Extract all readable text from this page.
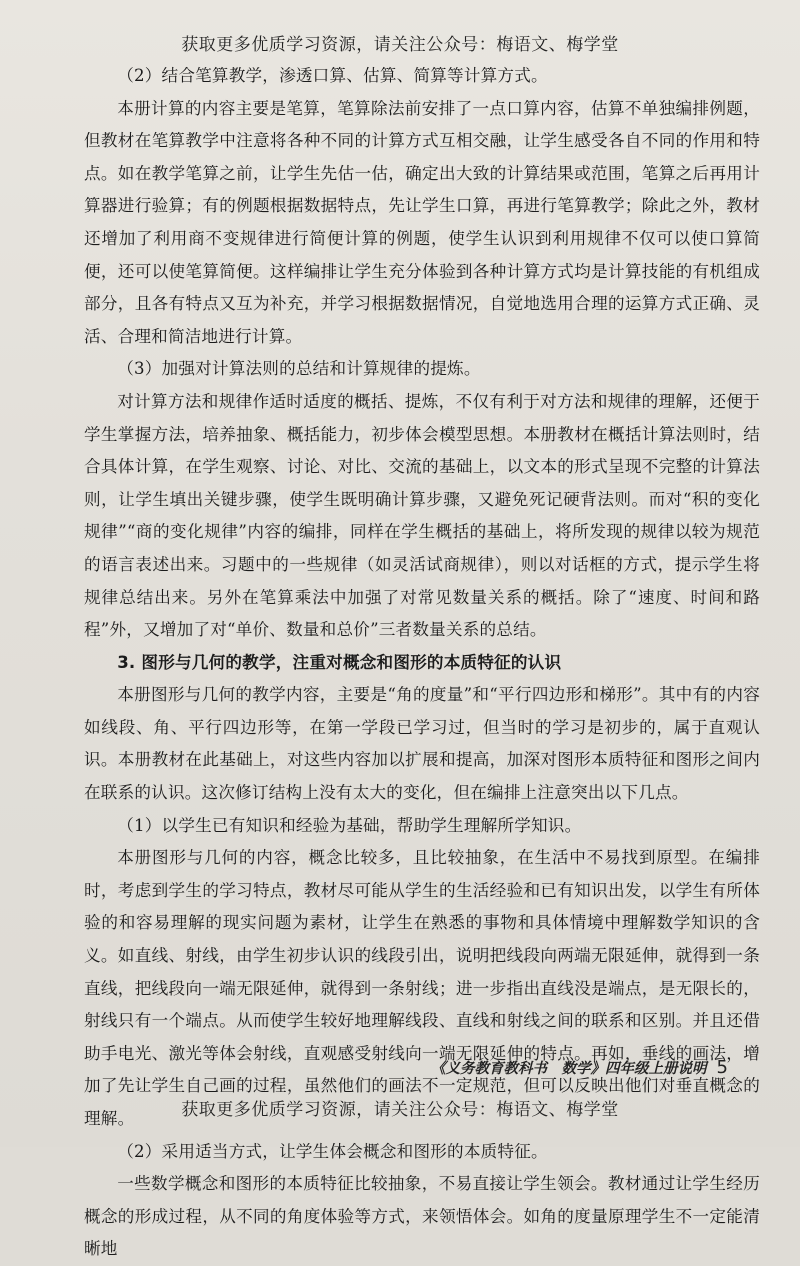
获取更多优质学习资源，请关注公众号：梅语文、梅学堂

（2）结合笔算教学，渗透口算、估算、简算等计算方式。

本册计算的内容主要是笔算，笔算除法前安排了一点口算内容，估算不单独编排例题，但教材在笔算教学中注意将各种不同的计算方式互相交融，让学生感受各自不同的作用和特点。如在教学笔算之前，让学生先估一估，确定出大致的计算结果或范围，笔算之后再用计算器进行验算；有的例题根据数据特点，先让学生口算，再进行笔算教学；除此之外，教材还增加了利用商不变规律进行简便计算的例题，使学生认识到利用规律不仅可以使口算简便，还可以使笔算简便。这样编排让学生充分体验到各种计算方式均是计算技能的有机组成部分，且各有特点又互为补充，并学习根据数据情况，自觉地选用合理的运算方式正确、灵活、合理和简洁地进行计算。

（3）加强对计算法则的总结和计算规律的提炼。

对计算方法和规律作适时适度的概括、提炼，不仅有利于对方法和规律的理解，还便于学生掌握方法，培养抽象、概括能力，初步体会模型思想。本册教材在概括计算法则时，结合具体计算，在学生观察、讨论、对比、交流的基础上，以文本的形式呈现不完整的计算法则，让学生填出关键步骤，使学生既明确计算步骤，又避免死记硬背法则。而对“积的变化规律”“商的变化规律”内容的编排，同样在学生概括的基础上，将所发现的规律以较为规范的语言表述出来。习题中的一些规律（如灵活试商规律），则以对话框的方式，提示学生将规律总结出来。另外在笔算乘法中加强了对常见数量关系的概括。除了“速度、时间和路程”外，又增加了对“单价、数量和总价”三者数量关系的总结。

3. 图形与几何的教学，注重对概念和图形的本质特征的认识

本册图形与几何的教学内容，主要是“角的度量”和“平行四边形和梯形”。其中有的内容如线段、角、平行四边形等，在第一学段已学习过，但当时的学习是初步的，属于直观认识。本册教材在此基础上，对这些内容加以扩展和提高，加深对图形本质特征和图形之间内在联系的认识。这次修订结构上没有太大的变化，但在编排上注意突出以下几点。

（1）以学生已有知识和经验为基础，帮助学生理解所学知识。

本册图形与几何的内容，概念比较多，且比较抽象，在生活中不易找到原型。在编排时，考虑到学生的学习特点，教材尽可能从学生的生活经验和已有知识出发，以学生有所体验的和容易理解的现实问题为素材，让学生在熟悉的事物和具体情境中理解数学知识的含义。如直线、射线，由学生初步认识的线段引出，说明把线段向两端无限延伸，就得到一条直线，把线段向一端无限延伸，就得到一条射线；进一步指出直线没是端点，是无限长的，射线只有一个端点。从而使学生较好地理解线段、直线和射线之间的联系和区别。并且还借助手电光、激光等体会射线，直观感受射线向一端无限延伸的特点。再如，垂线的画法，增加了先让学生自己画的过程，虽然他们的画法不一定规范，但可以反映出他们对垂直概念的理解。

（2）采用适当方式，让学生体会概念和图形的本质特征。

一些数学概念和图形的本质特征比较抽象，不易直接让学生领会。教材通过让学生经历概念的形成过程，从不同的角度体验等方式，来领悟体会。如角的度量原理学生不一定能清晰地

《义务教育教科书　数学》四年级上册说明 5
获取更多优质学习资源，请关注公众号：梅语文、梅学堂
